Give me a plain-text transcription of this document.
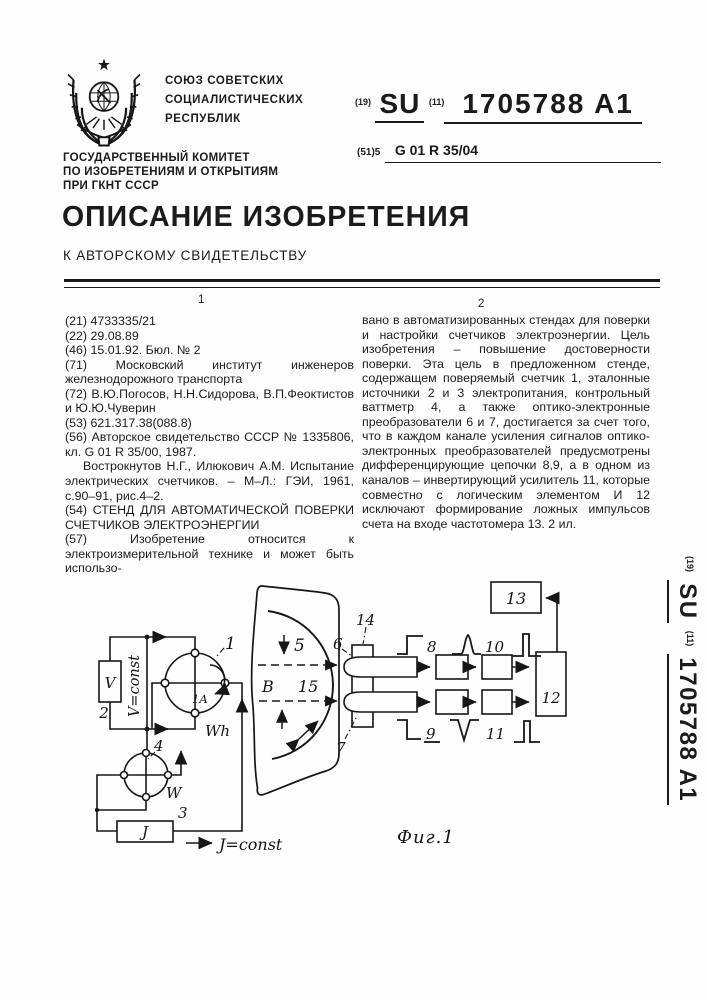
СОЮЗ СОВЕТСКИХ
СОЦИАЛИСТИЧЕСКИХ
РЕСПУБЛИК
$^{(19)}$ SU $^{(11)}$ 1705788 A1
(51)5 G 01 R 35/04
ГОСУДАРСТВЕННЫЙ КОМИТЕТ
ПО ИЗОБРЕТЕНИЯМ И ОТКРЫТИЯМ
ПРИ ГКНТ СССР
ОПИСАНИЕ ИЗОБРЕТЕНИЯ
К АВТОРСКОМУ СВИДЕТЕЛЬСТВУ
1	2

(21) 4733335/21

(22) 29.08.89

(46) 15.01.92. Бюл. № 2

(71) Московский институт инженеров железнодорожного транспорта

(72) В.Ю.Погосов, Н.Н.Сидорова, В.П.Феоктистов и Ю.Ю.Чуверин

(53) 621.317.38(088.8)

(56) Авторское свидетельство СССР № 1335806, кл. G 01 R 35/00, 1987.

Вострокнутов Н.Г., Илюкович А.М. Испытание электрических счетчиков. – М–Л.: ГЭИ, 1961, с.90–91, рис.4–2.

(54) СТЕНД ДЛЯ АВТОМАТИЧЕСКОЙ ПОВЕРКИ СЧЕТЧИКОВ ЭЛЕКТРОЭНЕРГИИ

(57) Изобретение относится к электроизмерительной технике и может быть использо-

вано в автоматизированных стендах для поверки и настройки счетчиков электроэнергии. Цель изобретения – повышение достоверности поверки. Эта цель в предложенном стенде, содержащем поверяемый счетчик 1, эталонные источники 2 и 3 электропитания, контрольный ваттметр 4, а также оптико-электронные преобразователи 6 и 7, достигается за счет того, что в каждом канале усиления сигналов оптико-электронных преобразователей предусмотрены дифференцирующие цепочки 8,9, а в одном из каналов – инвертирующий усилитель 11, которые совместно с логическим элементом И 12 исключают формирование ложных импульсов счета на входе частотомера 13. 2 ил.

V
2 V=const
1
1A
Wh
4
W
3
J
J=const
5
В 15
6
7
14
8	10
9	11
12
13
Фиг.1
$^{(19)}$ SU $^{(11)}$ 1705788 A1
